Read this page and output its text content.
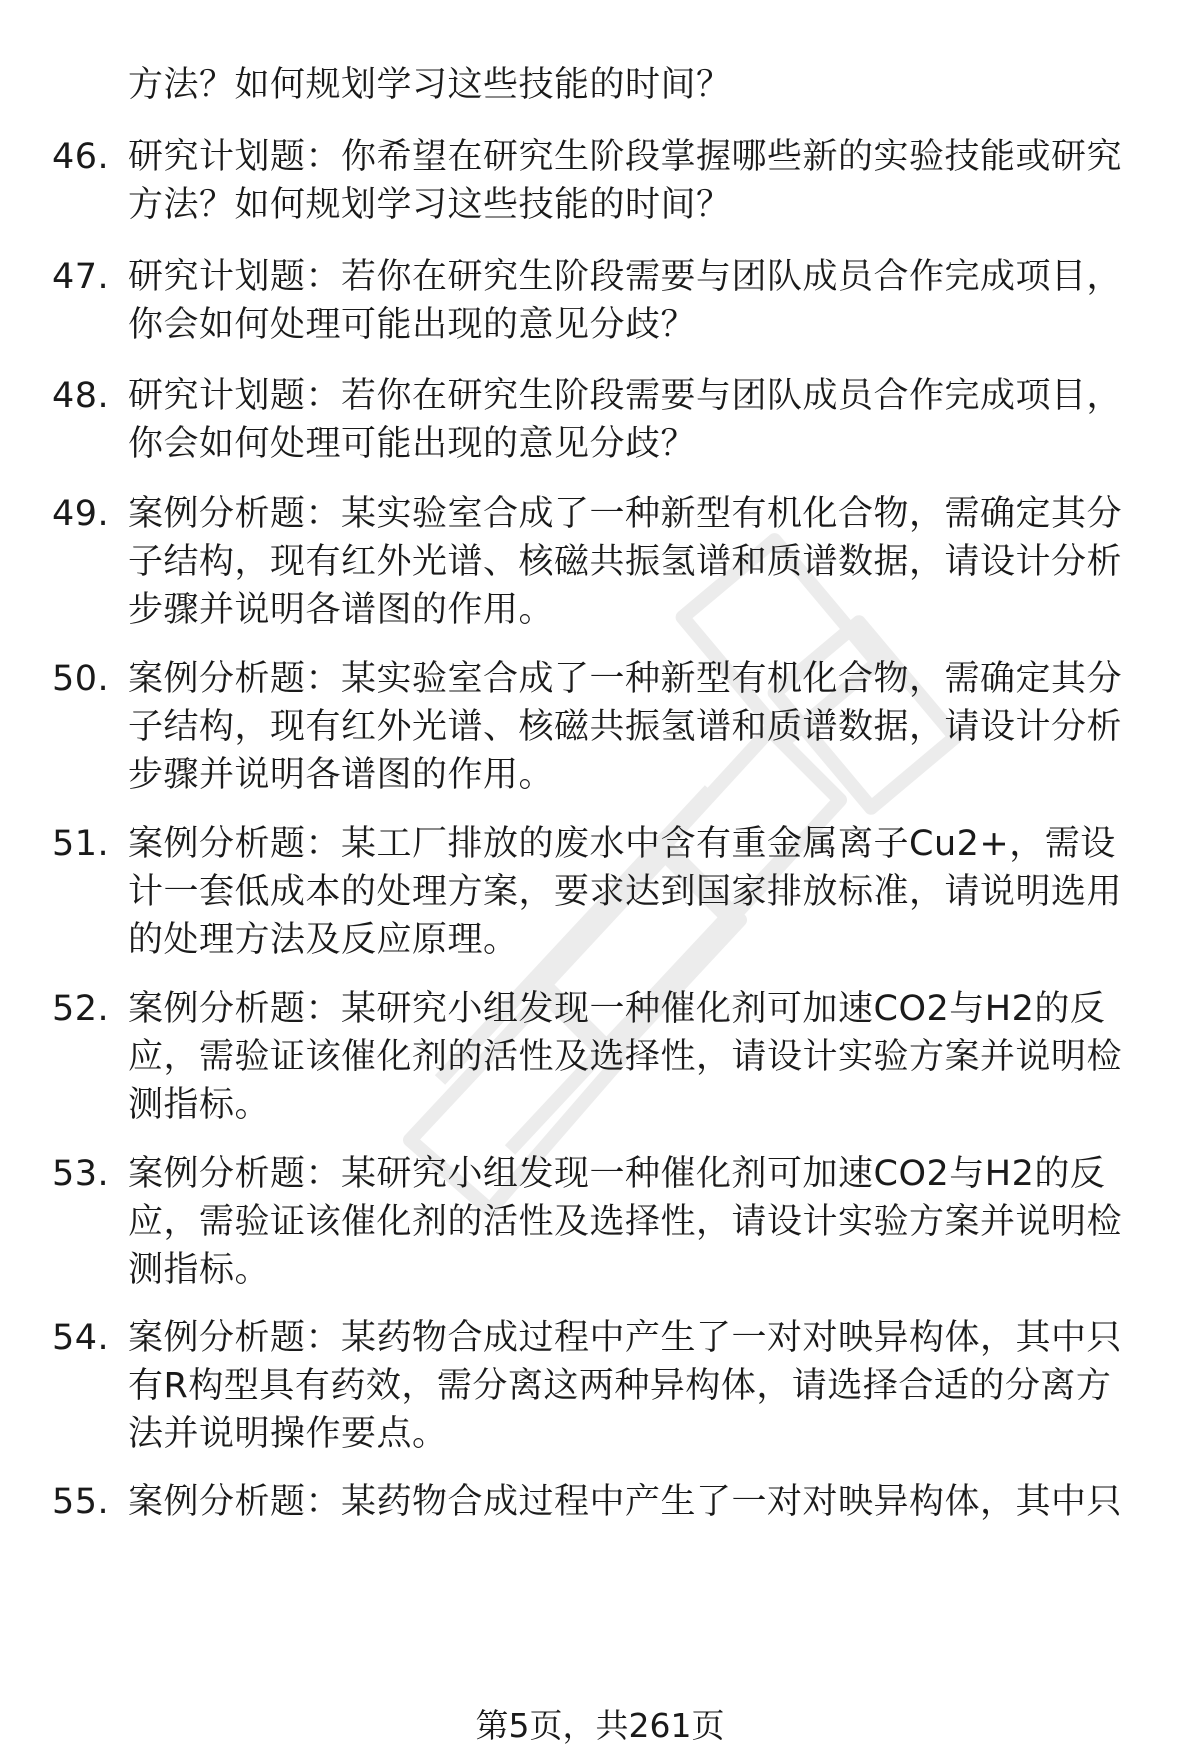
方法？如何规划学习这些技能的时间？
46. 研究计划题：你希望在研究生阶段掌握哪些新的实验技能或研究方法？如何规划学习这些技能的时间？
47. 研究计划题：若你在研究生阶段需要与团队成员合作完成项目，你会如何处理可能出现的意见分歧？
48. 研究计划题：若你在研究生阶段需要与团队成员合作完成项目，你会如何处理可能出现的意见分歧？
49. 案例分析题：某实验室合成了一种新型有机化合物，需确定其分子结构，现有红外光谱、核磁共振氢谱和质谱数据，请设计分析步骤并说明各谱图的作用。
50. 案例分析题：某实验室合成了一种新型有机化合物，需确定其分子结构，现有红外光谱、核磁共振氢谱和质谱数据，请设计分析步骤并说明各谱图的作用。
51. 案例分析题：某工厂排放的废水中含有重金属离子Cu2+，需设计一套低成本的处理方案，要求达到国家排放标准，请说明选用的处理方法及反应原理。
52. 案例分析题：某研究小组发现一种催化剂可加速CO2与H2的反应，需验证该催化剂的活性及选择性，请设计实验方案并说明检测指标。
53. 案例分析题：某研究小组发现一种催化剂可加速CO2与H2的反应，需验证该催化剂的活性及选择性，请设计实验方案并说明检测指标。
54. 案例分析题：某药物合成过程中产生了一对对映异构体，其中只有R构型具有药效，需分离这两种异构体，请选择合适的分离方法并说明操作要点。
55. 案例分析题：某药物合成过程中产生了一对对映异构体，其中只
第5页，共261页
